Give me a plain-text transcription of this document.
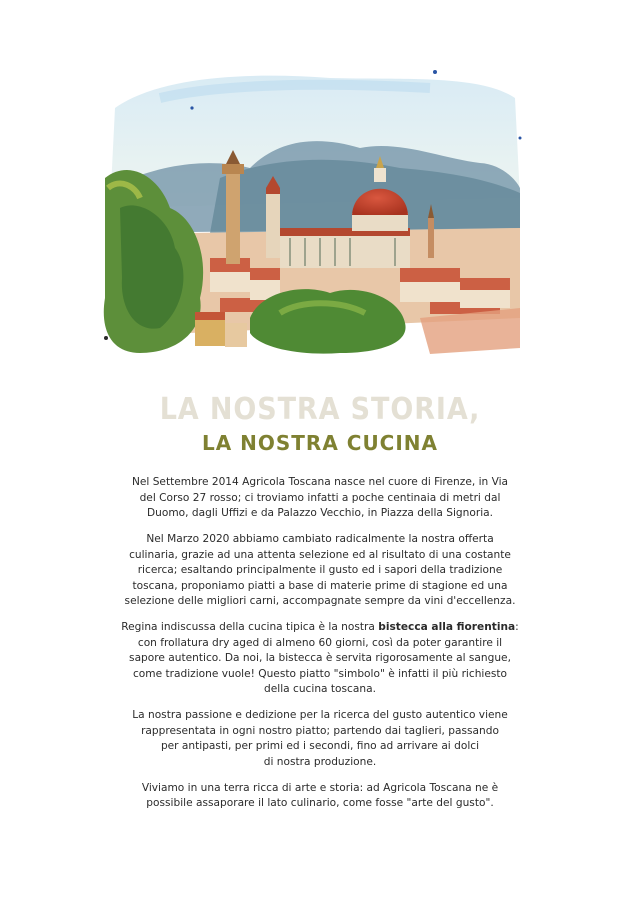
LA NOSTRA STORIA,
LA NOSTRA CUCINA

Nel Settembre 2014 Agricola Toscana nasce nel cuore di Firenze, in Via
del Corso 27 rosso; ci troviamo infatti a poche centinaia di metri dal
Duomo, dagli Uffizi e da Palazzo Vecchio, in Piazza della Signoria.

Nel Marzo 2020 abbiamo cambiato radicalmente la nostra offerta
culinaria, grazie ad una attenta selezione ed al risultato di una costante
ricerca; esaltando principalmente il gusto ed i sapori della tradizione
toscana, proponiamo piatti a base di materie prime di stagione ed una
selezione delle migliori carni, accompagnate sempre da vini d'eccellenza.

Regina indiscussa della cucina tipica è la nostra bistecca alla fiorentina:
con frollatura dry aged di almeno 60 giorni, così da poter garantire il
sapore autentico. Da noi, la bistecca è servita rigorosamente al sangue,
come tradizione vuole! Questo piatto "simbolo" è infatti il più richiesto
della cucina toscana.

La nostra passione e dedizione per la ricerca del gusto autentico viene
rappresentata in ogni nostro piatto; partendo dai taglieri, passando
per antipasti, per primi ed i secondi, fino ad arrivare ai dolci
di nostra produzione.

Viviamo in una terra ricca di arte e storia: ad Agricola Toscana ne è
possibile assaporare il lato culinario, come fosse "arte del gusto".
